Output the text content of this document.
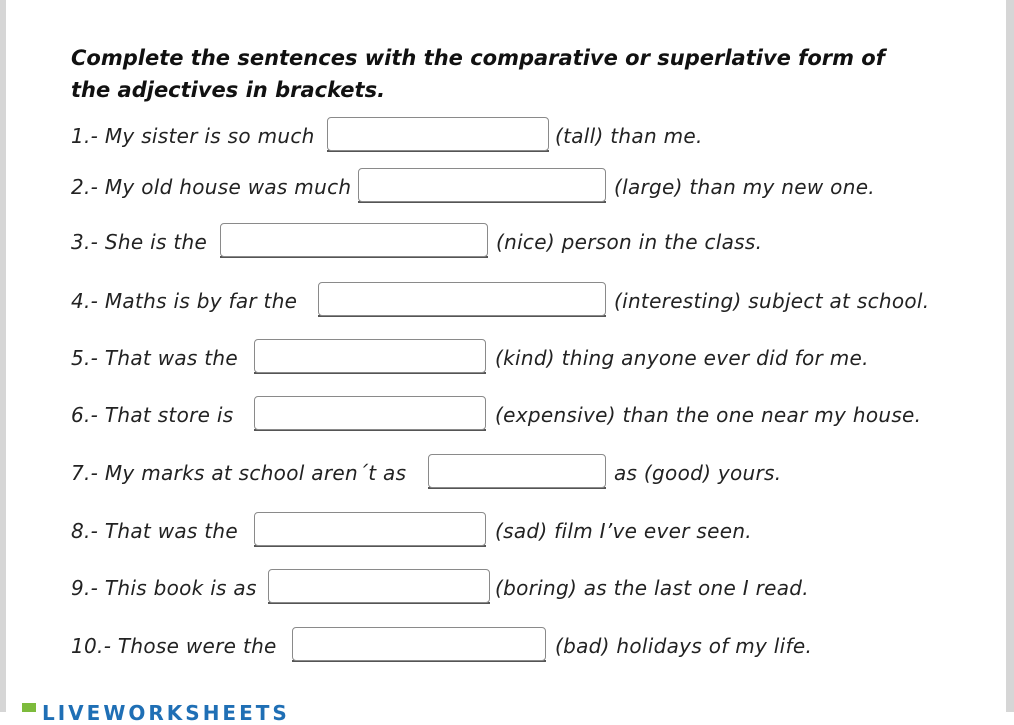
Complete the sentences with the comparative or superlative form of the adjectives in brackets.
1.- My sister is so much	(tall) than me.
2.- My old house was much	(large) than my new one.
3.- She is the	(nice) person in the class.
4.- Maths is by far the	(interesting) subject at school.
5.- That was the	(kind) thing anyone ever did for me.
6.- That store is	(expensive) than the one near my house.
7.- My marks at school aren´t as	as (good) yours.
8.- That was the	(sad) film I’ve ever seen.
9.- This book is as	(boring) as the last one I read.
10.- Those were the	(bad) holidays of my life.
LIVEWORKSHEETS
